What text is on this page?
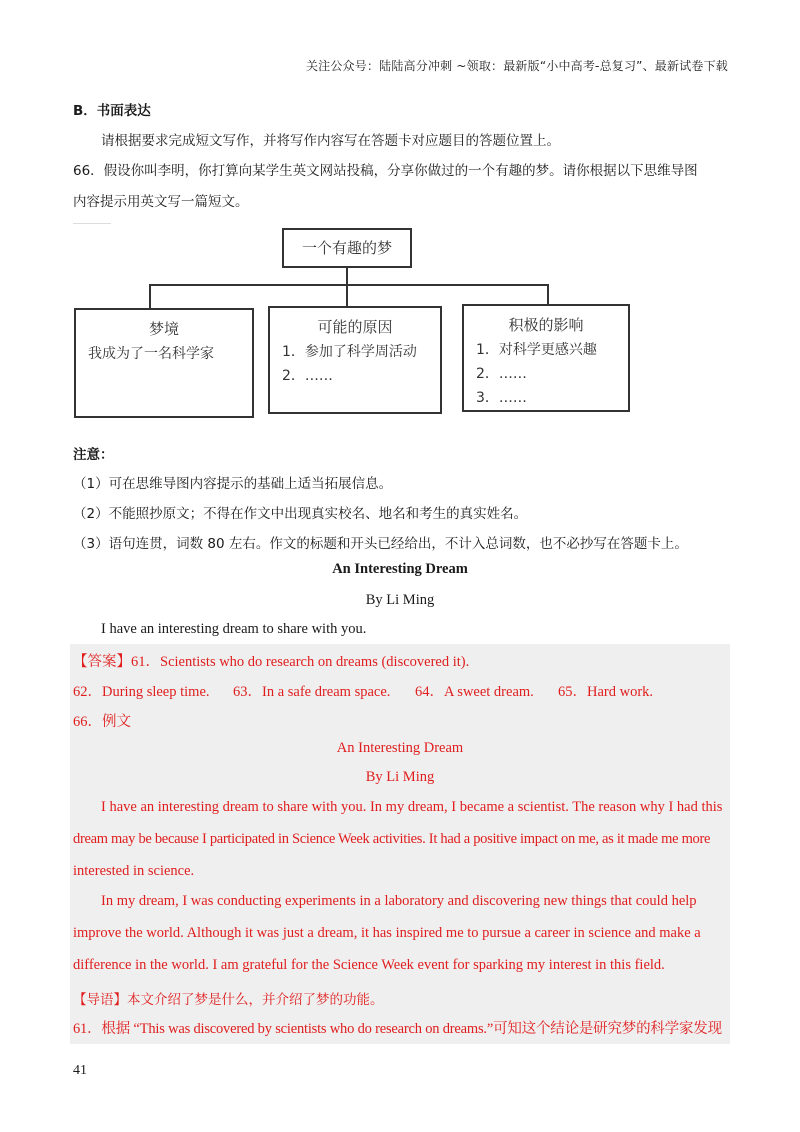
关注公众号：陆陆高分冲刺 ~领取：最新版“小中高考-总复习”、最新试卷下载
B．书面表达
请根据要求完成短文写作，并将写作内容写在答题卡对应题目的答题位置上。
66．假设你叫李明，你打算向某学生英文网站投稿，分享你做过的一个有趣的梦。请你根据以下思维导图
内容提示用英文写一篇短文。
一个有趣的梦
梦境
我成为了一名科学家
可能的原因
1．参加了科学周活动
2．……
积极的影响
1．对科学更感兴趣
2．……
3．……
注意：
（1）可在思维导图内容提示的基础上适当拓展信息。
（2）不能照抄原文；不得在作文中出现真实校名、地名和考生的真实姓名。
（3）语句连贯，词数 80 左右。作文的标题和开头已经给出，不计入总词数，也不必抄写在答题卡上。
An Interesting Dream
By Li Ming
I have an interesting dream to share with you.
【答案】61．Scientists who do research on dreams (discovered it).
62．During sleep time. 63．In a safe dream space. 64．A sweet dream. 65．Hard work.
66．例文
An Interesting Dream
By Li Ming
I have an interesting dream to share with you. In my dream, I became a scientist. The reason why I had this
dream may be because I participated in Science Week activities. It had a positive impact on me, as it made me more
interested in science.
In my dream, I was conducting experiments in a laboratory and discovering new things that could help
improve the world. Although it was just a dream, it has inspired me to pursue a career in science and make a
difference in the world. I am grateful for the Science Week event for sparking my interest in this field.
【导语】本文介绍了梦是什么，并介绍了梦的功能。
61．根据 “This was discovered by scientists who do research on dreams.”可知这个结论是研究梦的科学家发现
41
